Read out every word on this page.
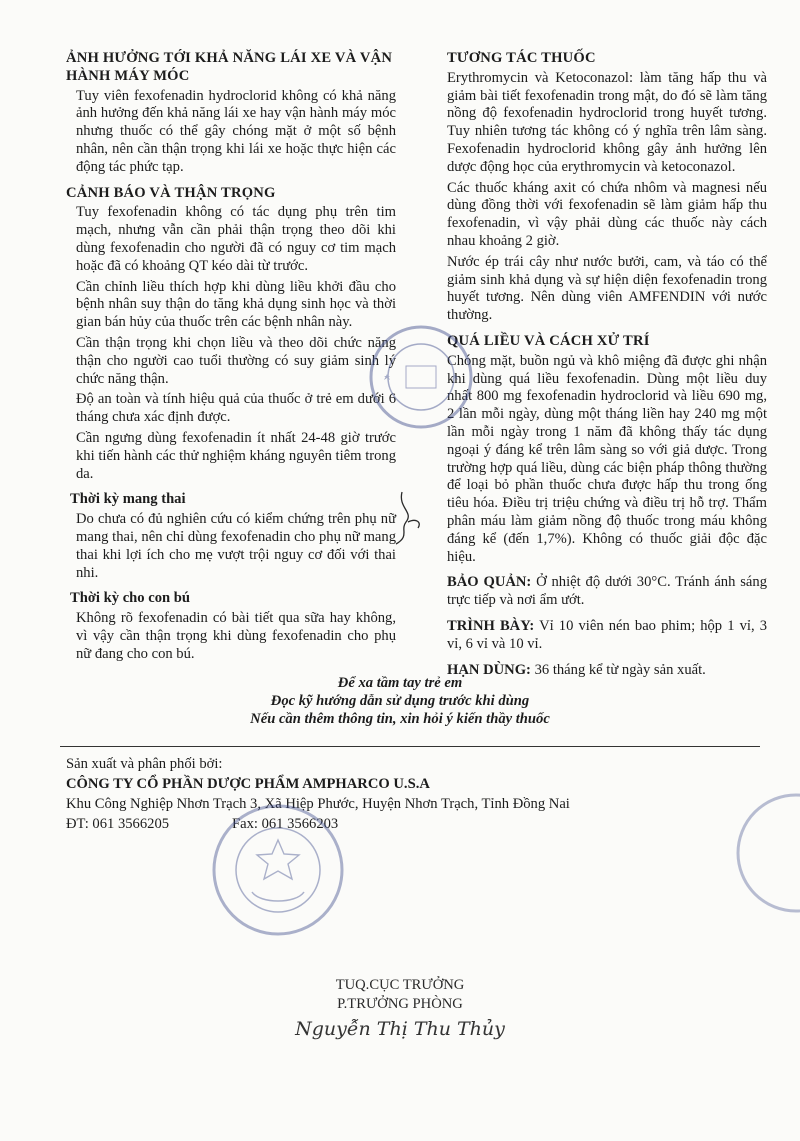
ẢNH HƯỞNG TỚI KHẢ NĂNG LÁI XE VÀ VẬN HÀNH MÁY MÓC

Tuy viên fexofenadin hydroclorid không có khả năng ảnh hưởng đến khả năng lái xe hay vận hành máy móc nhưng thuốc có thể gây chóng mặt ở một số bệnh nhân, nên cần thận trọng khi lái xe hoặc thực hiện các động tác phức tạp.

CẢNH BÁO VÀ THẬN TRỌNG

Tuy fexofenadin không có tác dụng phụ trên tim mạch, nhưng vẫn cần phải thận trọng theo dõi khi dùng fexofenadin cho người đã có nguy cơ tim mạch hoặc đã có khoảng QT kéo dài từ trước.

Cần chỉnh liều thích hợp khi dùng liều khởi đầu cho bệnh nhân suy thận do tăng khả dụng sinh học và thời gian bán hủy của thuốc trên các bệnh nhân này.

Cần thận trọng khi chọn liều và theo dõi chức năng thận cho người cao tuổi thường có suy giảm sinh lý chức năng thận.

Độ an toàn và tính hiệu quả của thuốc ở trẻ em dưới 6 tháng chưa xác định được.

Cần ngưng dùng fexofenadin ít nhất 24-48 giờ trước khi tiến hành các thử nghiệm kháng nguyên tiêm trong da.

Thời kỳ mang thai

Do chưa có đủ nghiên cứu có kiểm chứng trên phụ nữ mang thai, nên chỉ dùng fexofenadin cho phụ nữ mang thai khi lợi ích cho mẹ vượt trội nguy cơ đối với thai nhi.

Thời kỳ cho con bú

Không rõ fexofenadin có bài tiết qua sữa hay không, vì vậy cần thận trọng khi dùng fexofenadin cho phụ nữ đang cho con bú.

TƯƠNG TÁC THUỐC

Erythromycin và Ketoconazol: làm tăng hấp thu và giảm bài tiết fexofenadin trong mật, do đó sẽ làm tăng nồng độ fexofenadin hydroclorid trong huyết tương. Tuy nhiên tương tác không có ý nghĩa trên lâm sàng. Fexofenadin hydroclorid không gây ảnh hưởng lên dược động học của erythromycin và ketoconazol.

Các thuốc kháng axit có chứa nhôm và magnesi nếu dùng đồng thời với fexofenadin sẽ làm giảm hấp thu fexofenadin, vì vậy phải dùng các thuốc này cách nhau khoảng 2 giờ.

Nước ép trái cây như nước bưởi, cam, và táo có thể giảm sinh khả dụng và sự hiện diện fexofenadin trong huyết tương. Nên dùng viên AMFENDIN với nước thường.

QUÁ LIỀU VÀ CÁCH XỬ TRÍ

Chóng mặt, buồn ngủ và khô miệng đã được ghi nhận khi dùng quá liều fexofenadin. Dùng một liều duy nhất 800 mg fexofenadin hydroclorid và liều 690 mg, 2 lần mỗi ngày, dùng một tháng liền hay 240 mg một lần mỗi ngày trong 1 năm đã không thấy tác dụng ngoại ý đáng kể trên lâm sàng so với giả dược. Trong trường hợp quá liều, dùng các biện pháp thông thường để loại bỏ phần thuốc chưa được hấp thu trong ống tiêu hóa. Điều trị triệu chứng và điều trị hỗ trợ. Thẩm phân máu làm giảm nồng độ thuốc trong máu không đáng kể (đến 1,7%). Không có thuốc giải độc đặc hiệu.

BẢO QUẢN: Ở nhiệt độ dưới 30°C. Tránh ánh sáng trực tiếp và nơi ẩm ướt.

TRÌNH BÀY: Vỉ 10 viên nén bao phim; hộp 1 vỉ, 3 vỉ, 6 vỉ và 10 vỉ.

HẠN DÙNG: 36 tháng kể từ ngày sản xuất.

Để xa tầm tay trẻ em
Đọc kỹ hướng dẫn sử dụng trước khi dùng
Nếu cần thêm thông tin, xin hỏi ý kiến thầy thuốc
Sản xuất và phân phối bởi:
CÔNG TY CỔ PHẦN DƯỢC PHẨM AMPHARCO U.S.A
Khu Công Nghiệp Nhơn Trạch 3, Xã Hiệp Phước, Huyện Nhơn Trạch, Tỉnh Đồng Nai
ĐT: 061 3566205	Fax: 061 3566203
TUQ.CỤC TRƯỞNG
P.TRƯỞNG PHÒNG
Nguyễn Thị Thu Thủy
